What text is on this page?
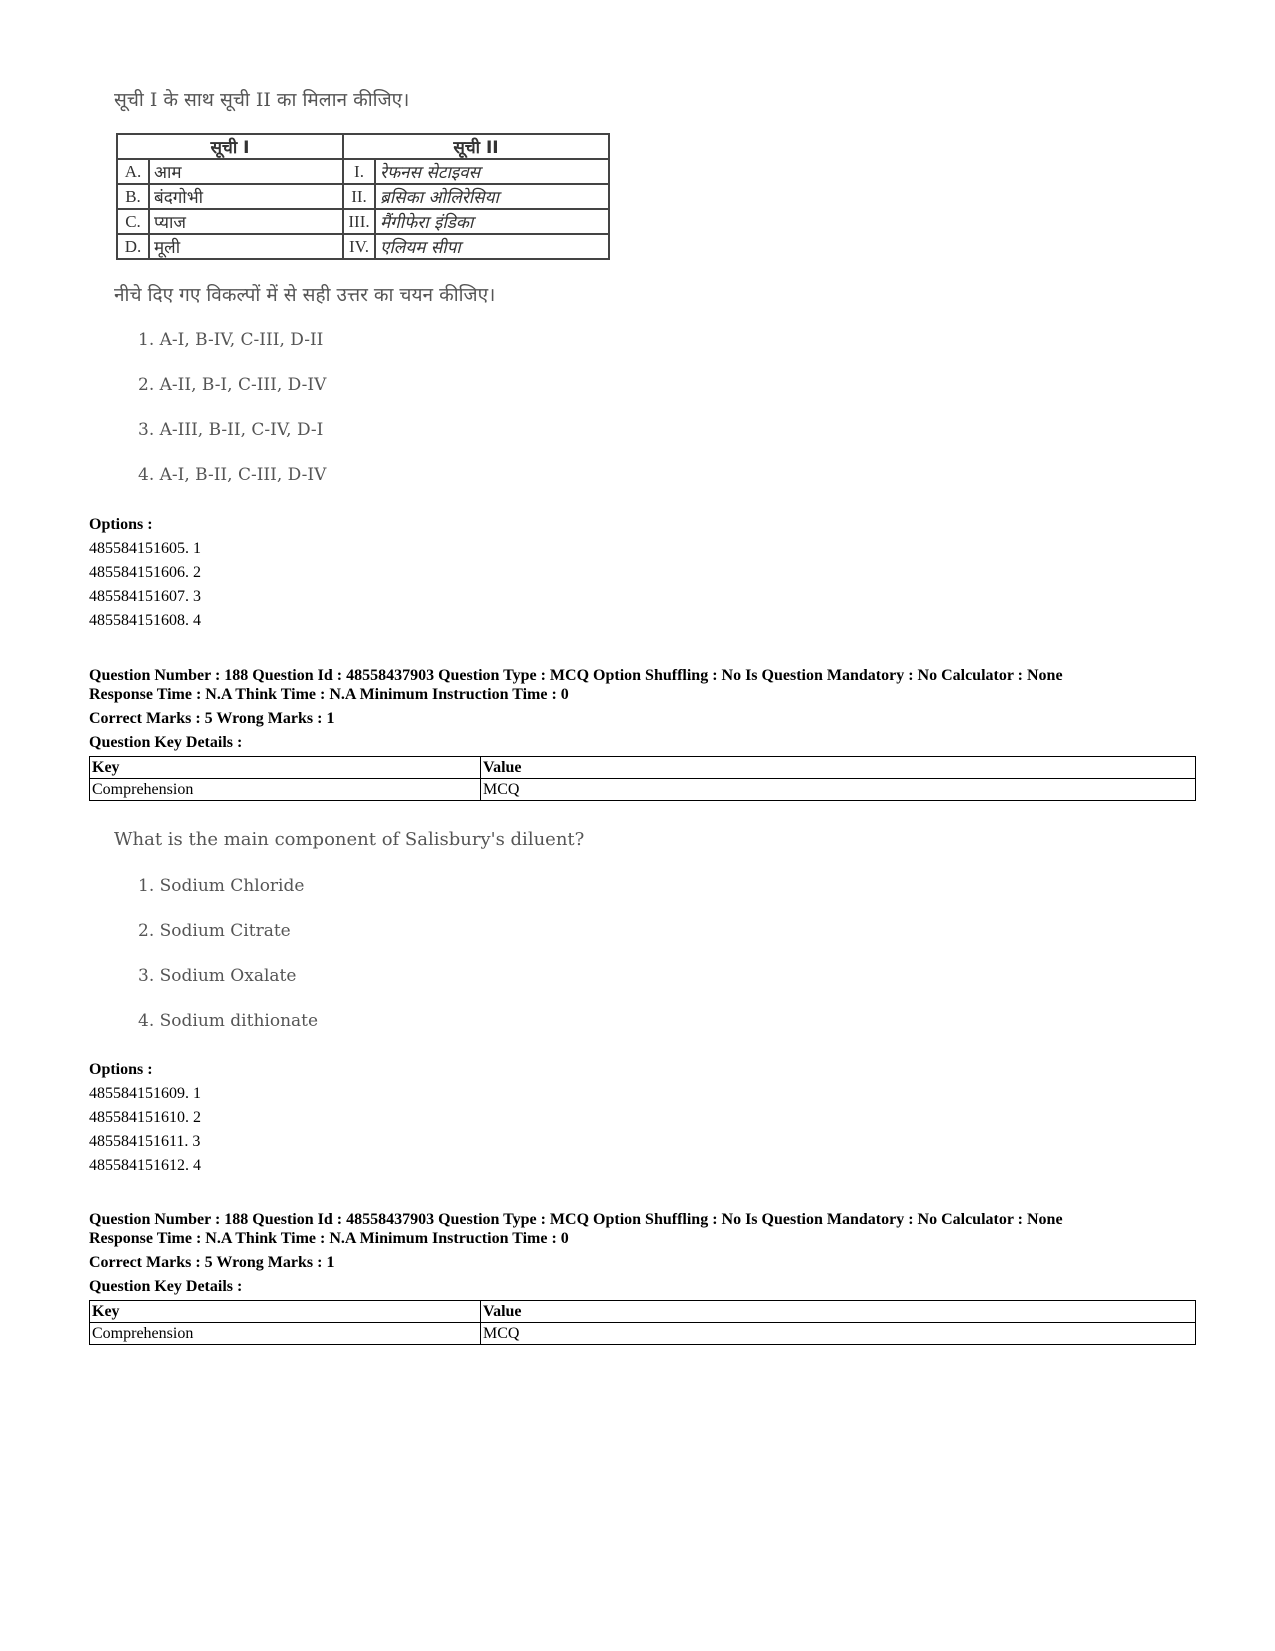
सूची I के साथ सूची II का मिलान कीजिए।
सूची I		सूची II	
A.	आम	I.	रेफनस सेटाइवस
B.	बंदगोभी	II.	ब्रसिका ओलिरेसिया
C.	प्याज	III.	मैंगीफेरा इंडिका
D.	मूली	IV.	एलियम सीपा
नीचे दिए गए विकल्पों में से सही उत्तर का चयन कीजिए।
1. A-I, B-IV, C-III, D-II
2. A-II, B-I, C-III, D-IV
3. A-III, B-II, C-IV, D-I
4. A-I, B-II, C-III, D-IV
Options :
485584151605. 1
485584151606. 2
485584151607. 3
485584151608. 4
Question Number : 188 Question Id : 48558437903 Question Type : MCQ Option Shuffling : No Is Question Mandatory : No Calculator : None
Response Time : N.A Think Time : N.A Minimum Instruction Time : 0
Correct Marks : 5 Wrong Marks : 1
Question Key Details :
Key	Value
Comprehension	MCQ
What is the main component of Salisbury's diluent?
1. Sodium Chloride
2. Sodium Citrate
3. Sodium Oxalate
4. Sodium dithionate
Options :
485584151609. 1
485584151610. 2
485584151611. 3
485584151612. 4
Question Number : 188 Question Id : 48558437903 Question Type : MCQ Option Shuffling : No Is Question Mandatory : No Calculator : None
Response Time : N.A Think Time : N.A Minimum Instruction Time : 0
Correct Marks : 5 Wrong Marks : 1
Question Key Details :
Key	Value
Comprehension	MCQ
